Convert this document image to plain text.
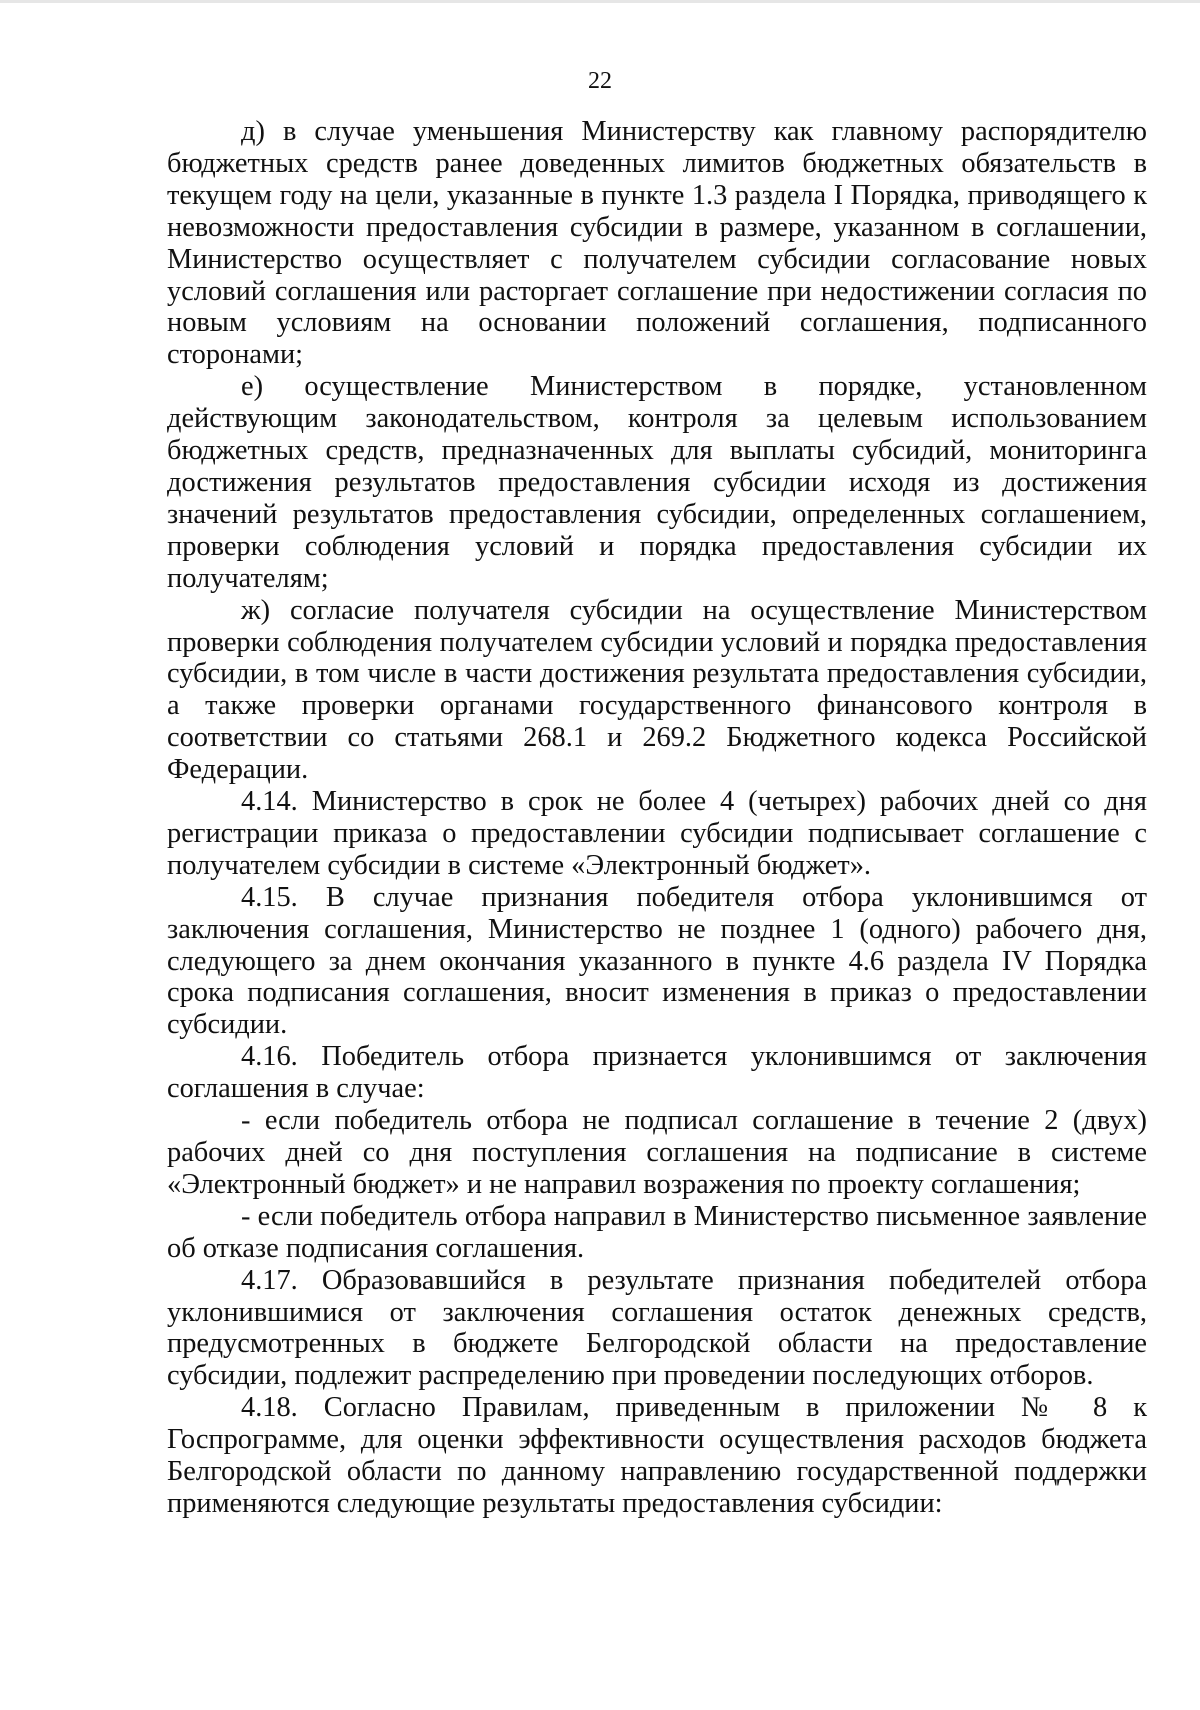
22

д) в случае уменьшения Министерству как главному распорядителю бюджетных средств ранее доведенных лимитов бюджетных обязательств в текущем году на цели, указанные в пункте 1.3 раздела I Порядка, приводящего к невозможности предоставления субсидии в размере, указанном в соглашении, Министерство осуществляет с получателем субсидии согласование новых условий соглашения или расторгает соглашение при недостижении согласия по новым условиям на основании положений соглашения, подписанного сторонами;

е) осуществление Министерством в порядке, установленном действующим законодательством, контроля за целевым использованием бюджетных средств, предназначенных для выплаты субсидий, мониторинга достижения результатов предоставления субсидии исходя из достижения значений результатов предоставления субсидии, определенных соглашением, проверки соблюдения условий и порядка предоставления субсидии их получателям;

ж) согласие получателя субсидии на осуществление Министерством проверки соблюдения получателем субсидии условий и порядка предоставления субсидии, в том числе в части достижения результата предоставления субсидии, а также проверки органами государственного финансового контроля в соответствии со статьями 268.1 и 269.2 Бюджетного кодекса Российской Федерации.

4.14. Министерство в срок не более 4 (четырех) рабочих дней со дня регистрации приказа о предоставлении субсидии подписывает соглашение с получателем субсидии в системе «Электронный бюджет».

4.15. В случае признания победителя отбора уклонившимся от заключения соглашения, Министерство не позднее 1 (одного) рабочего дня, следующего за днем окончания указанного в пункте 4.6 раздела IV Порядка срока подписания соглашения, вносит изменения в приказ о предоставлении субсидии.

4.16. Победитель отбора признается уклонившимся от заключения соглашения в случае:

- если победитель отбора не подписал соглашение в течение 2 (двух) рабочих дней со дня поступления соглашения на подписание в системе «Электронный бюджет» и не направил возражения по проекту соглашения;

- если победитель отбора направил в Министерство письменное заявление об отказе подписания соглашения.

4.17. Образовавшийся в результате признания победителей отбора уклонившимися от заключения соглашения остаток денежных средств, предусмотренных в бюджете Белгородской области на предоставление субсидии, подлежит распределению при проведении последующих отборов.

4.18. Согласно Правилам, приведенным в приложении № 8 к Госпрограмме, для оценки эффективности осуществления расходов бюджета Белгородской области по данному направлению государственной поддержки применяются следующие результаты предоставления субсидии:
